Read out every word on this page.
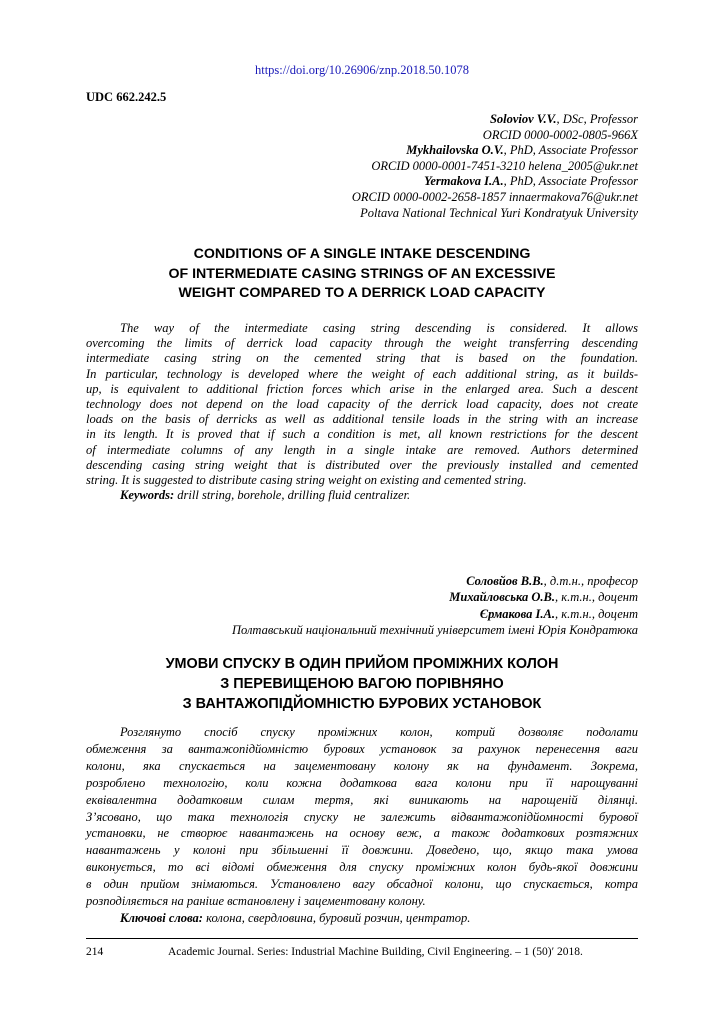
https://doi.org/10.26906/znp.2018.50.1078
UDC 662.242.5
Soloviov V.V., DSc, Professor
ORCID 0000-0002-0805-966X
Mykhailovska O.V., PhD, Associate Professor
ORCID 0000-0001-7451-3210 helena_2005@ukr.net
Yermakova I.A., PhD, Associate Professor
ORCID 0000-0002-2658-1857 innaermakova76@ukr.net
Poltava National Technical Yuri Kondratyuk University
CONDITIONS OF A SINGLE INTAKE DESCENDING
OF INTERMEDIATE CASING STRINGS OF AN EXCESSIVE
WEIGHT COMPARED TO A DERRICK LOAD CAPACITY
The way of the intermediate casing string descending is considered. It allows
overcoming the limits of derrick load capacity through the weight transferring descending
intermediate casing string on the cemented string that is based on the foundation.
In particular, technology is developed where the weight of each additional string, as it builds-
up, is equivalent to additional friction forces which arise in the enlarged area. Such a descent
technology does not depend on the load capacity of the derrick load capacity, does not create
loads on the basis of derricks as well as additional tensile loads in the string with an increase
in its length. It is proved that if such a condition is met, all known restrictions for the descent
of intermediate columns of any length in a single intake are removed. Authors determined
descending casing string weight that is distributed over the previously installed and cemented
string. It is suggested to distribute casing string weight on existing and cemented string.
Keywords: drill string, borehole, drilling fluid centralizer.
Соловйов В.В., д.т.н., професор
Михайловська О.В., к.т.н., доцент
Єрмакова І.А., к.т.н., доцент
Полтавський національний технічний університет імені Юрія Кондратюка
УМОВИ СПУСКУ В ОДИН ПРИЙОМ ПРОМІЖНИХ КОЛОН
З ПЕРЕВИЩЕНОЮ ВАГОЮ ПОРІВНЯНО
З ВАНТАЖОПІДЙОМНІСТЮ БУРОВИХ УСТАНОВОК
Розглянуто спосіб спуску проміжних колон, котрий дозволяє подолати
обмеження за вантажопідйомністю бурових установок за рахунок перенесення ваги
колони, яка спускається на зацементовану колону як на фундамент. Зокрема,
розроблено технологію, коли кожна додаткова вага колони при її нарощуванні
еквівалентна додатковим силам тертя, які виникають на нарощеній ділянці.
З’ясовано, що така технологія спуску не залежить відвантажопідйомності бурової
установки, не створює навантажень на основу веж, а також додаткових розтяжних
навантажень у колоні при збільшенні її довжини. Доведено, що, якщо така умова
виконується, то всі відомі обмеження для спуску проміжних колон будь-якої довжини
в один прийом знімаються. Установлено вагу обсадної колони, що спускається, котра
розподіляється на раніше встановлену і зацементовану колону.
Ключові слова: колона, свердловина, буровий розчин, центратор.
214	Academic Journal. Series: Industrial Machine Building, Civil Engineering. – 1 (50)′ 2018.
